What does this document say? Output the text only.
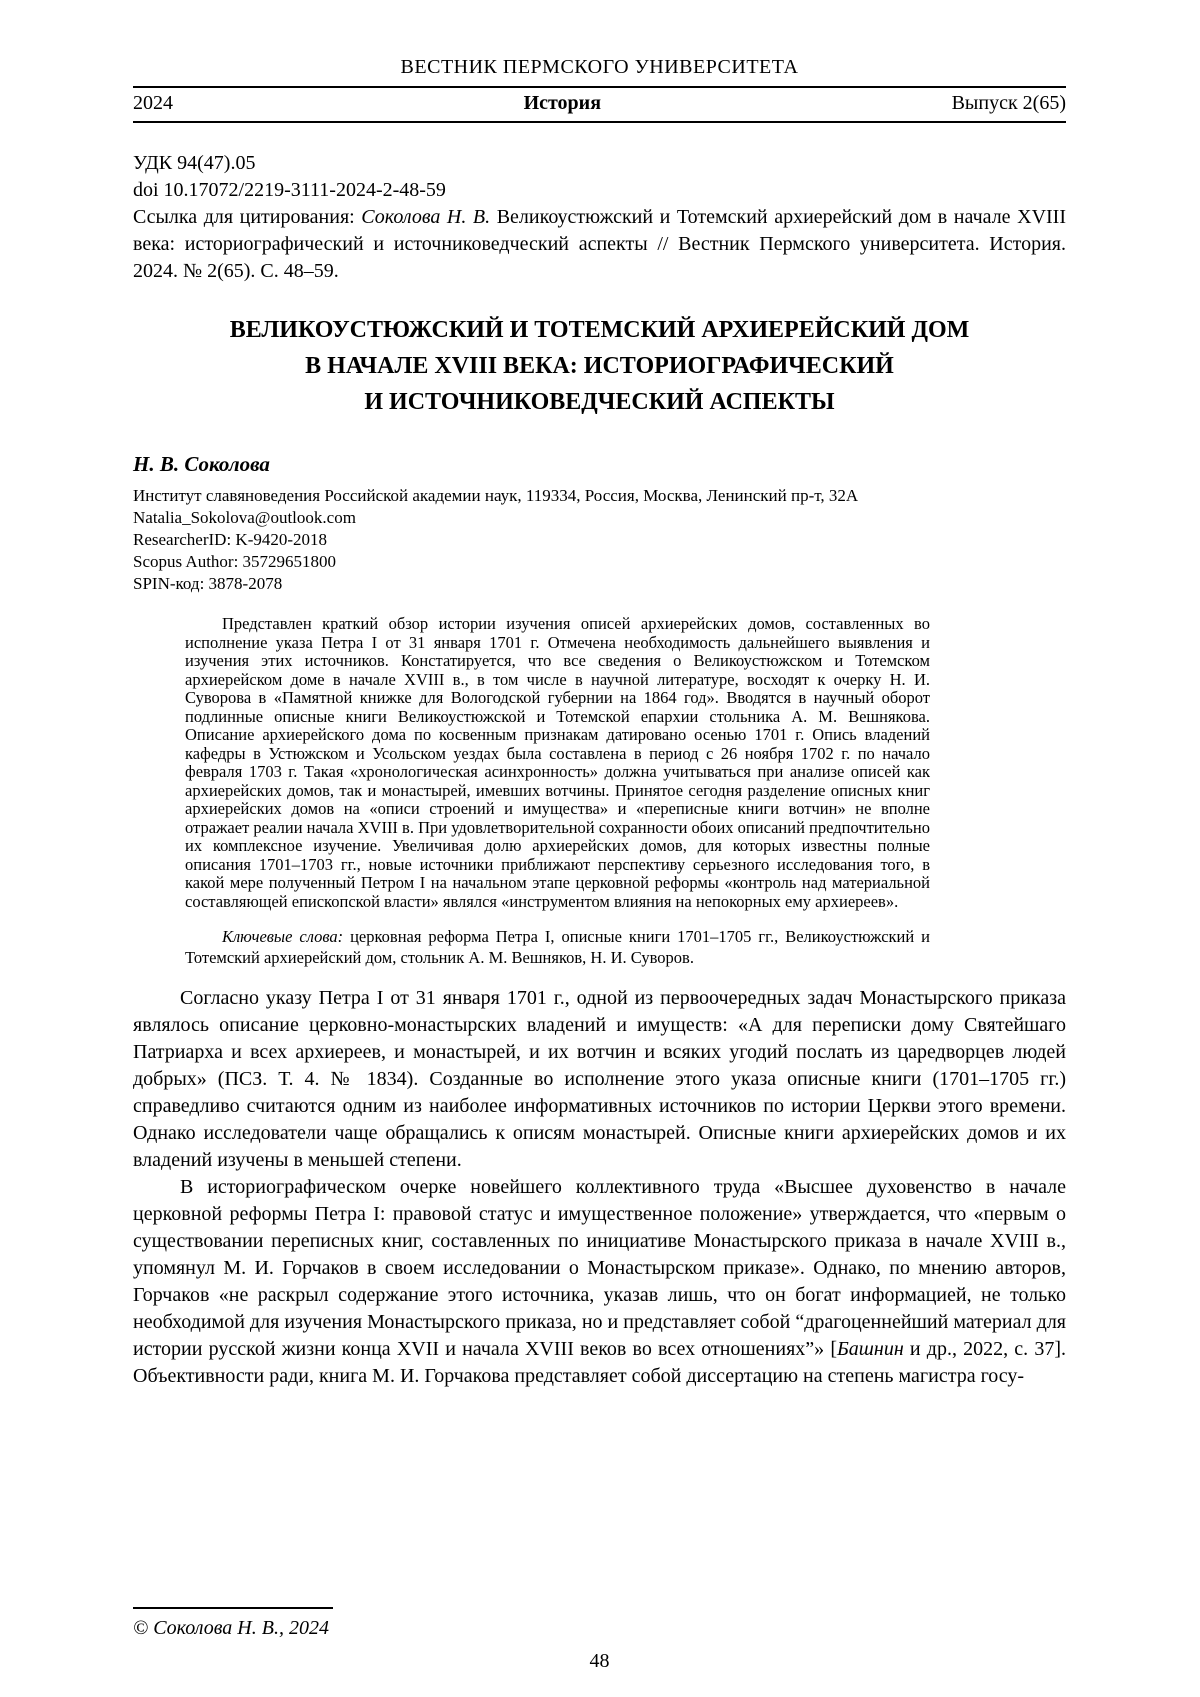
ВЕСТНИК ПЕРМСКОГО УНИВЕРСИТЕТА
2024	История	Выпуск 2(65)

УДК 94(47).05

doi 10.17072/2219-3111-2024-2-48-59

Ссылка для цитирования: Соколова Н. В. Великоустюжский и Тотемский архиерейский дом в начале XVIII века: историографический и источниковедческий аспекты // Вестник Пермского университета. История. 2024. № 2(65). С. 48–59.

ВЕЛИКОУСТЮЖСКИЙ И ТОТЕМСКИЙ АРХИЕРЕЙСКИЙ ДОМ
В НАЧАЛЕ XVIII ВЕКА: ИСТОРИОГРАФИЧЕСКИЙ
И ИСТОЧНИКОВЕДЧЕСКИЙ АСПЕКТЫ
Н. В. Соколова
Институт славяноведения Российской академии наук, 119334, Россия, Москва, Ленинский пр-т, 32А
Natalia_Sokolova@outlook.com
ResearcherID: K-9420-2018
Scopus Author: 35729651800
SPIN-код: 3878-2078

Представлен краткий обзор истории изучения описей архиерейских домов, составленных во исполнение указа Петра I от 31 января 1701 г. Отмечена необходимость дальнейшего выявления и изучения этих источников. Констатируется, что все сведения о Великоустюжском и Тотемском архиерейском доме в начале XVIII в., в том числе в научной литературе, восходят к очерку Н. И. Суворова в «Памятной книжке для Вологодской губернии на 1864 год». Вводятся в научный оборот подлинные описные книги Великоустюжской и Тотемской епархии стольника А. М. Вешнякова. Описание архиерейского дома по косвенным признакам датировано осенью 1701 г. Опись владений кафедры в Устюжском и Усольском уездах была составлена в период с 26 ноября 1702 г. по начало февраля 1703 г. Такая «хронологическая асинхронность» должна учитываться при анализе описей как архиерейских домов, так и монастырей, имевших вотчины. Принятое сегодня разделение описных книг архиерейских домов на «описи строений и имущества» и «переписные книги вотчин» не вполне отражает реалии начала XVIII в. При удовлетворительной сохранности обоих описаний предпочтительно их комплексное изучение. Увеличивая долю архиерейских домов, для которых известны полные описания 1701–1703 гг., новые источники приближают перспективу серьезного исследования того, в какой мере полученный Петром I на начальном этапе церковной реформы «контроль над материальной составляющей епископской власти» являлся «инструментом влияния на непокорных ему архиереев».

Ключевые слова: церковная реформа Петра I, описные книги 1701–1705 гг., Великоустюжский и Тотемский архиерейский дом, стольник А. М. Вешняков, Н. И. Суворов.

Согласно указу Петра I от 31 января 1701 г., одной из первоочередных задач Монастырского приказа являлось описание церковно-монастырских владений и имуществ: «А для переписки дому Святейшаго Патриарха и всех архиереев, и монастырей, и их вотчин и всяких угодий послать из царедворцев людей добрых» (ПСЗ. Т. 4. № 1834). Созданные во исполнение этого указа описные книги (1701–1705 гг.) справедливо считаются одним из наиболее информативных источников по истории Церкви этого времени. Однако исследователи чаще обращались к описям монастырей. Описные книги архиерейских домов и их владений изучены в меньшей степени.

В историографическом очерке новейшего коллективного труда «Высшее духовенство в начале церковной реформы Петра I: правовой статус и имущественное положение» утверждается, что «первым о существовании переписных книг, составленных по инициативе Монастырского приказа в начале XVIII в., упомянул М. И. Горчаков в своем исследовании о Монастырском приказе». Однако, по мнению авторов, Горчаков «не раскрыл содержание этого источника, указав лишь, что он богат информацией, не только необходимой для изучения Монастырского приказа, но и представляет собой “драгоценнейший материал для истории русской жизни конца XVII и начала XVIII веков во всех отношениях”» [Башнин и др., 2022, с. 37]. Объективности ради, книга М. И. Горчакова представляет собой диссертацию на степень магистра госу-

© Соколова Н. В., 2024
48
